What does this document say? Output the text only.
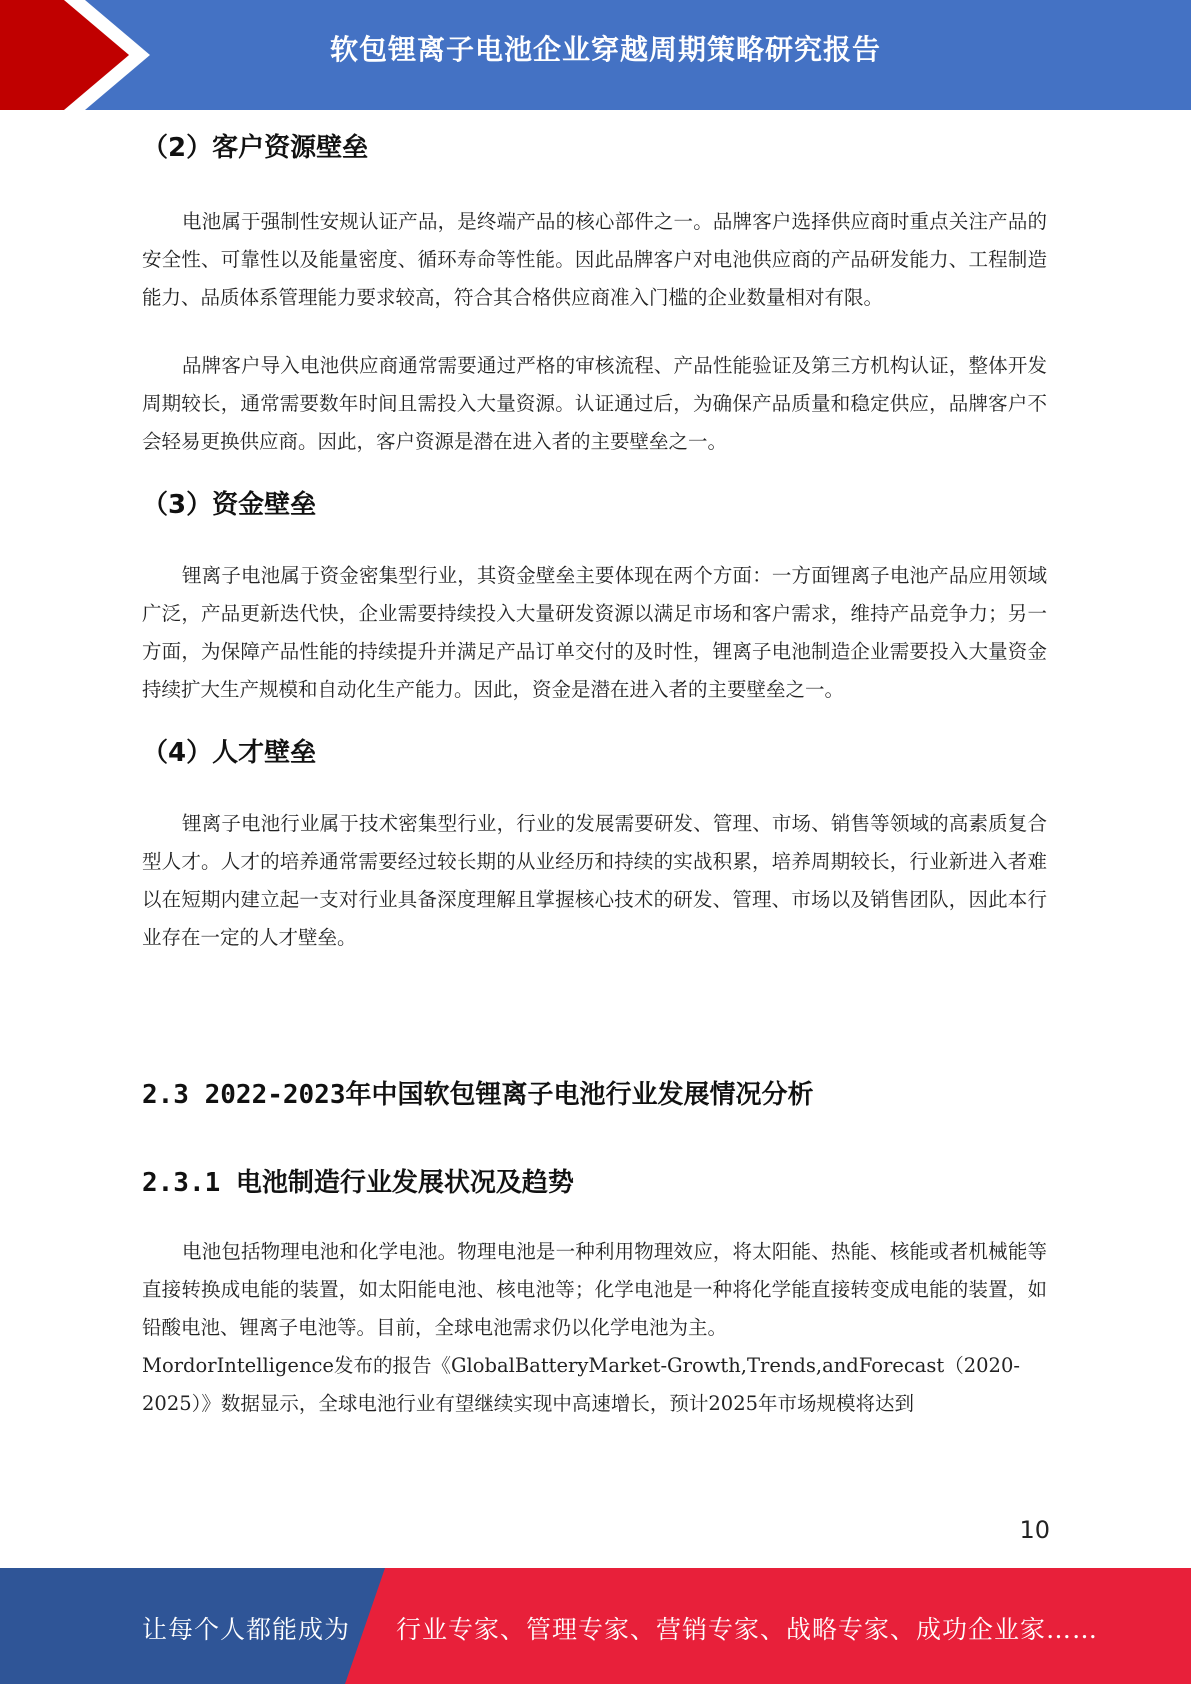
软包锂离子电池企业穿越周期策略研究报告
（2）客户资源壁垒

电池属于强制性安规认证产品，是终端产品的核心部件之一。品牌客户选择供应商时重点关注产品的安全性、可靠性以及能量密度、循环寿命等性能。因此品牌客户对电池供应商的产品研发能力、工程制造能力、品质体系管理能力要求较高，符合其合格供应商准入门槛的企业数量相对有限。

品牌客户导入电池供应商通常需要通过严格的审核流程、产品性能验证及第三方机构认证，整体开发周期较长，通常需要数年时间且需投入大量资源。认证通过后，为确保产品质量和稳定供应，品牌客户不会轻易更换供应商。因此，客户资源是潜在进入者的主要壁垒之一。

（3）资金壁垒

锂离子电池属于资金密集型行业，其资金壁垒主要体现在两个方面：一方面锂离子电池产品应用领域广泛，产品更新迭代快，企业需要持续投入大量研发资源以满足市场和客户需求，维持产品竞争力；另一方面，为保障产品性能的持续提升并满足产品订单交付的及时性，锂离子电池制造企业需要投入大量资金持续扩大生产规模和自动化生产能力。因此，资金是潜在进入者的主要壁垒之一。

（4）人才壁垒

锂离子电池行业属于技术密集型行业，行业的发展需要研发、管理、市场、销售等领域的高素质复合型人才。人才的培养通常需要经过较长期的从业经历和持续的实战积累，培养周期较长，行业新进入者难以在短期内建立起一支对行业具备深度理解且掌握核心技术的研发、管理、市场以及销售团队，因此本行业存在一定的人才壁垒。

2.3 2022-2023年中国软包锂离子电池行业发展情况分析
2.3.1 电池制造行业发展状况及趋势

电池包括物理电池和化学电池。物理电池是一种利用物理效应，将太阳能、热能、核能或者机械能等直接转换成电能的装置，如太阳能电池、核电池等；化学电池是一种将化学能直接转变成电能的装置，如铅酸电池、锂离子电池等。目前，全球电池需求仍以化学电池为主。

MordorIntelligence发布的报告《GlobalBatteryMarket-Growth,Trends,andForecast（2020-2025）》数据显示，全球电池行业有望继续实现中高速增长，预计2025年市场规模将达到

10
让每个人都能成为 行业专家、管理专家、营销专家、战略专家、成功企业家……
